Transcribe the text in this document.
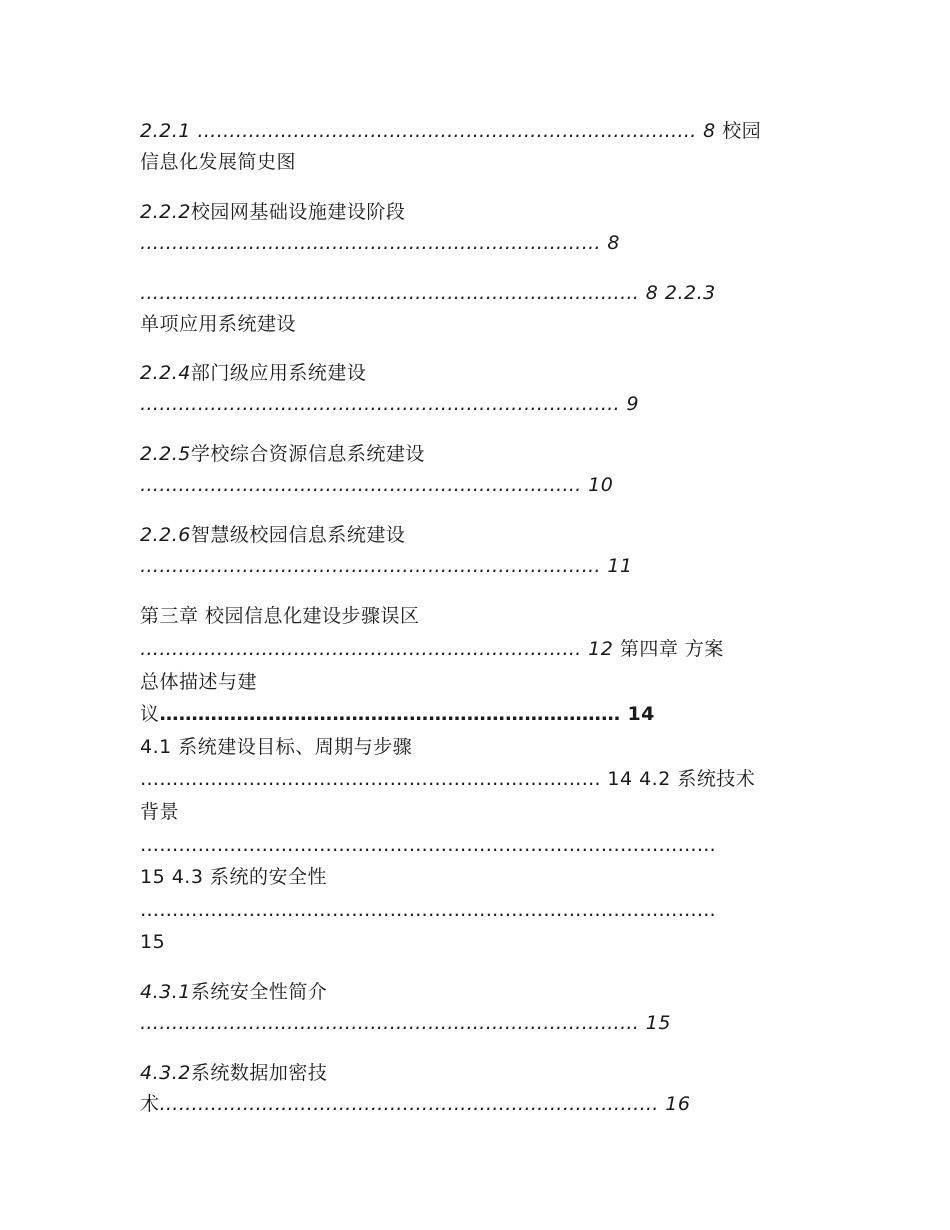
2.2.1 …………………………………………………………………… 8 校园
信息化发展简史图
2.2.2校园网基础设施建设阶段
……………………………………………………………… 8
…………………………………………………………………… 8 2.2.3
单项应用系统建设
2.2.4部门级应用系统建设
………………………………………………………………… 9
2.2.5学校综合资源信息系统建设
…………………………………………………………… 10
2.2.6智慧级校园信息系统建设
……………………………………………………………… 11
第三章 校园信息化建设步骤误区
…………………………………………………………… 12 第四章 方案
总体描述与建
议……………………………………………………………… 14
4.1 系统建设目标、周期与步骤
……………………………………………………………… 14 4.2 系统技术
背景
………………………………………………………………………………
15 4.3 系统的安全性
………………………………………………………………………………
15
4.3.1系统安全性简介
…………………………………………………………………… 15
4.3.2系统数据加密技
术…………………………………………………………………… 16
